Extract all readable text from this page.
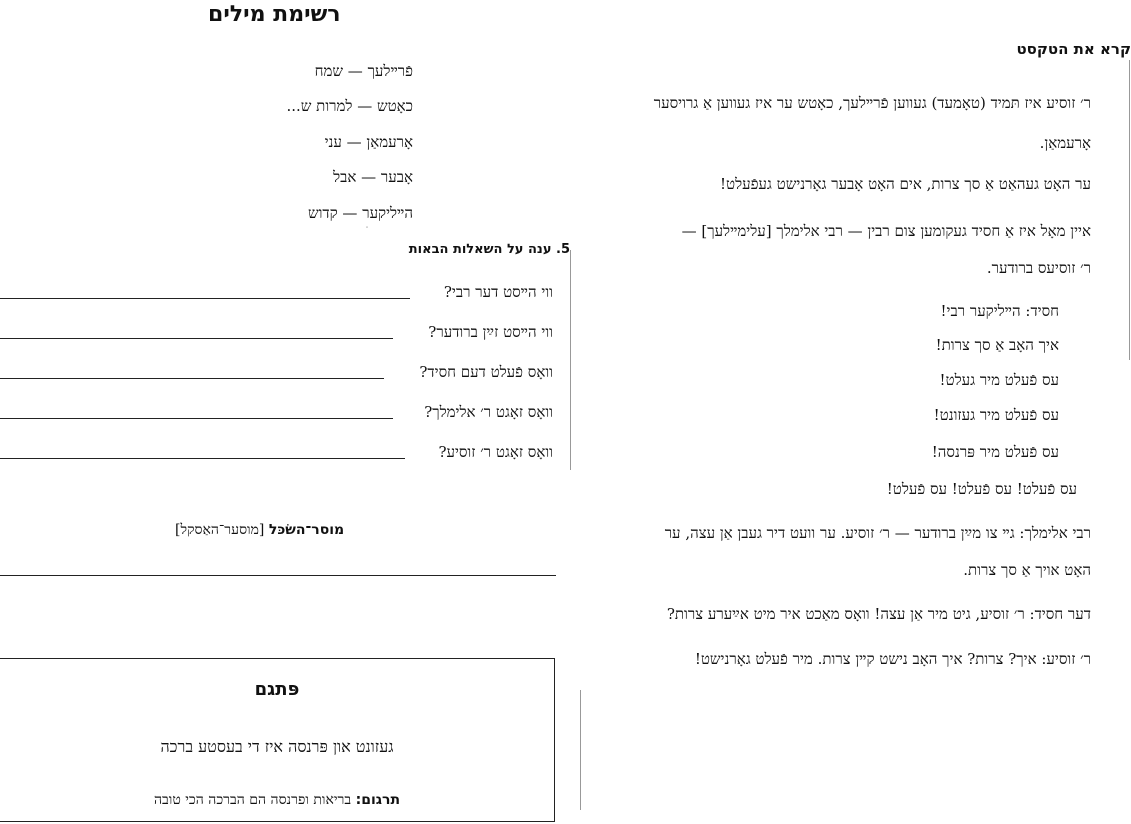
קרא את הטקסט
ר׳ זוסיע איז תּמיד (טאָמעד) געווען פֿרײלעך, כאָטש ער איז געווען אַ גרויסער
אָרעמאַן.
ער האָט געהאַט אַ סך צרות, אים האָט אָבער גאָרנישט געפֿעלט!
איין מאָל איז אַ חסיד געקומען צום רבין — רבי אלימלך [עלימײלעך] —
ר׳ זוסיעס ברודער.
חסיד: הײליקער רבי!
איך האָב אַ סך צרות!
עס פֿעלט מיר געלט!
עס פֿעלט מיר געזונט!
עס פֿעלט מיר פּרנסה!
עס פֿעלט! עס פֿעלט! עס פֿעלט!
רבי אלימלך: גײ צו מײַן ברודער — ר׳ זוסיע. ער וועט דיר געבן אַן עצה, ער
האָט אויך אַ סך צרות.
דער חסיד: ר׳ זוסיע, גיט מיר אַן עצה! וואָס מאַכט איר מיט אײַערע צרות?
ר׳ זוסיע: איך? צרות? איך האָב נישט קײן צרות. מיר פֿעלט גאָרנישט!
רשימת מילים
פֿרײלעך — שמח
כאָטש — למרות ש...
אָרעמאַן — עני
אָבער — אבל
הײליקער — קדוש
5. ענה על השאלות הבאות
ווי הײסט דער רבי?
ווי הײסט זײַן ברודער?
וואָס פֿעלט דעם חסיד?
וואָס זאָגט ר׳ אלימלך?
וואָס זאָגט ר׳ זוסיע?
מוסר־השׂכּל [מוסער־האַסקל]
פּתגם
געזונט און פּרנסה איז די בעסטע ברכה
תרגום: בריאות ופרנסה הם הברכה הכי טובה
